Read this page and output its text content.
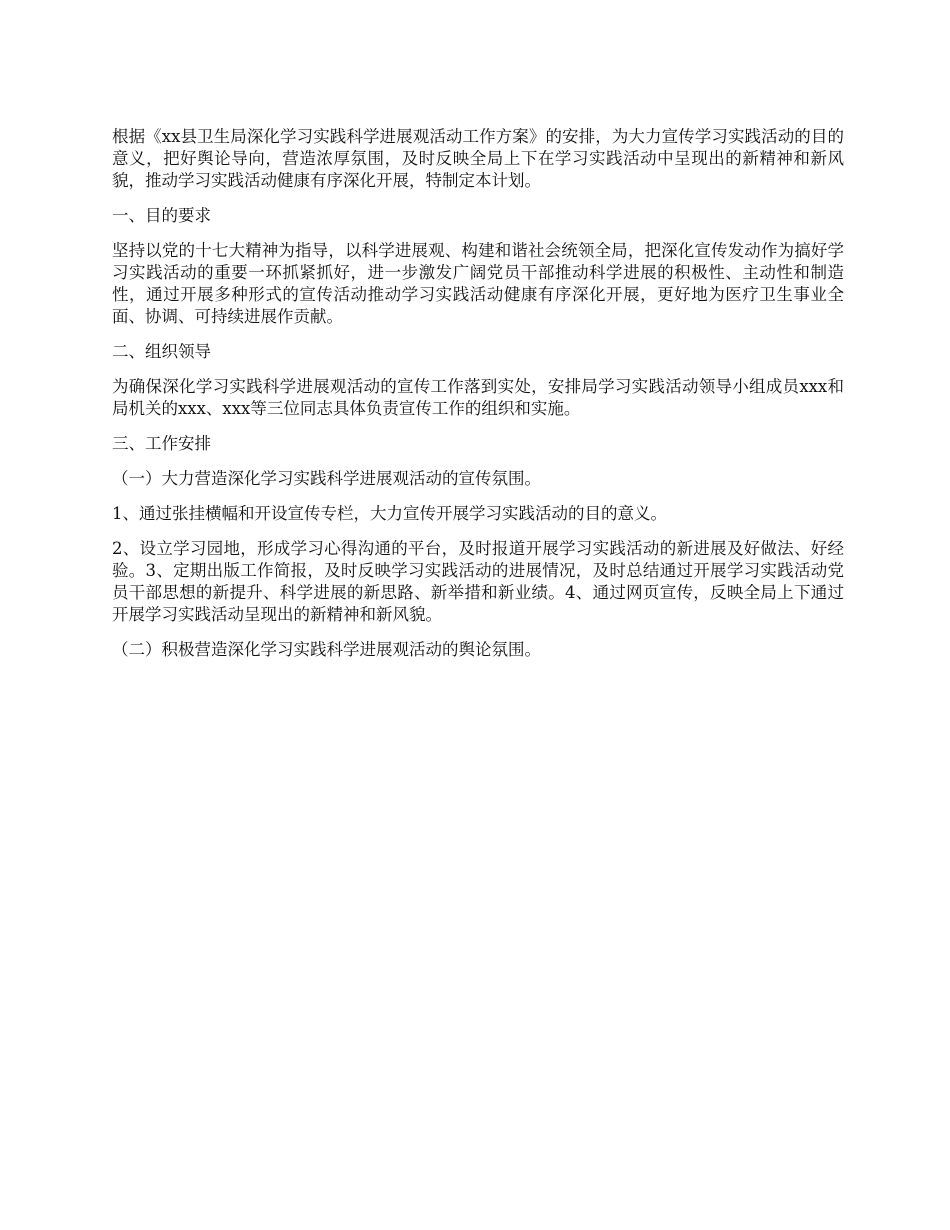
根据《xx县卫生局深化学习实践科学进展观活动工作方案》的安排，为大力宣传学习实践活动的目的意义，把好舆论导向，营造浓厚氛围，及时反映全局上下在学习实践活动中呈现出的新精神和新风貌，推动学习实践活动健康有序深化开展，特制定本计划。

一、目的要求

坚持以党的十七大精神为指导，以科学进展观、构建和谐社会统领全局，把深化宣传发动作为搞好学习实践活动的重要一环抓紧抓好，进一步激发广阔党员干部推动科学进展的积极性、主动性和制造性，通过开展多种形式的宣传活动推动学习实践活动健康有序深化开展，更好地为医疗卫生事业全面、协调、可持续进展作贡献。

二、组织领导

为确保深化学习实践科学进展观活动的宣传工作落到实处，安排局学习实践活动领导小组成员xxx和局机关的xxx、xxx等三位同志具体负责宣传工作的组织和实施。

三、工作安排

（一）大力营造深化学习实践科学进展观活动的宣传氛围。

1、通过张挂横幅和开设宣传专栏，大力宣传开展学习实践活动的目的意义。

2、设立学习园地，形成学习心得沟通的平台，及时报道开展学习实践活动的新进展及好做法、好经验。3、定期出版工作简报，及时反映学习实践活动的进展情况，及时总结通过开展学习实践活动党员干部思想的新提升、科学进展的新思路、新举措和新业绩。4、通过网页宣传，反映全局上下通过开展学习实践活动呈现出的新精神和新风貌。

（二）积极营造深化学习实践科学进展观活动的舆论氛围。
